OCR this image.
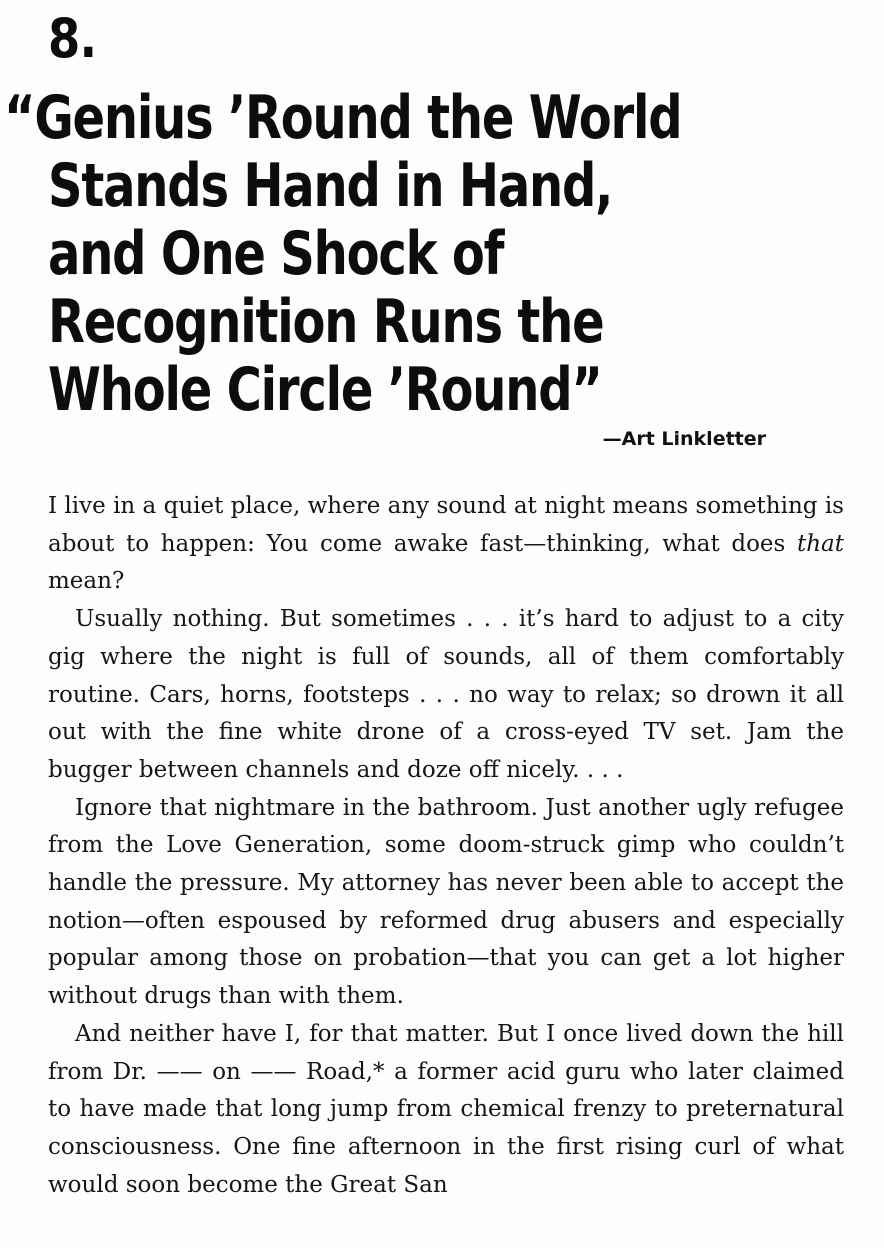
8.
“Genius ’Round the World
Stands Hand in Hand,
and One Shock of
Recognition Runs the
Whole Circle ’Round”

—Art Linkletter

I live in a quiet place, where any sound at night means something is about to happen: You come awake fast—thinking, what does that mean?

Usually nothing. But sometimes . . . it’s hard to adjust to a city gig where the night is full of sounds, all of them comfortably routine. Cars, horns, footsteps . . . no way to relax; so drown it all out with the fine white drone of a cross-eyed TV set. Jam the bugger between channels and doze off nicely. . . .

Ignore that nightmare in the bathroom. Just another ugly refugee from the Love Generation, some doom-struck gimp who couldn’t handle the pressure. My attorney has never been able to accept the notion—often espoused by reformed drug abusers and especially popular among those on probation—that you can get a lot higher without drugs than with them.

And neither have I, for that matter. But I once lived down the hill from Dr. —— on —— Road,* a former acid guru who later claimed to have made that long jump from chemical frenzy to preternatural consciousness. One fine afternoon in the first rising curl of what would soon become the Great San
